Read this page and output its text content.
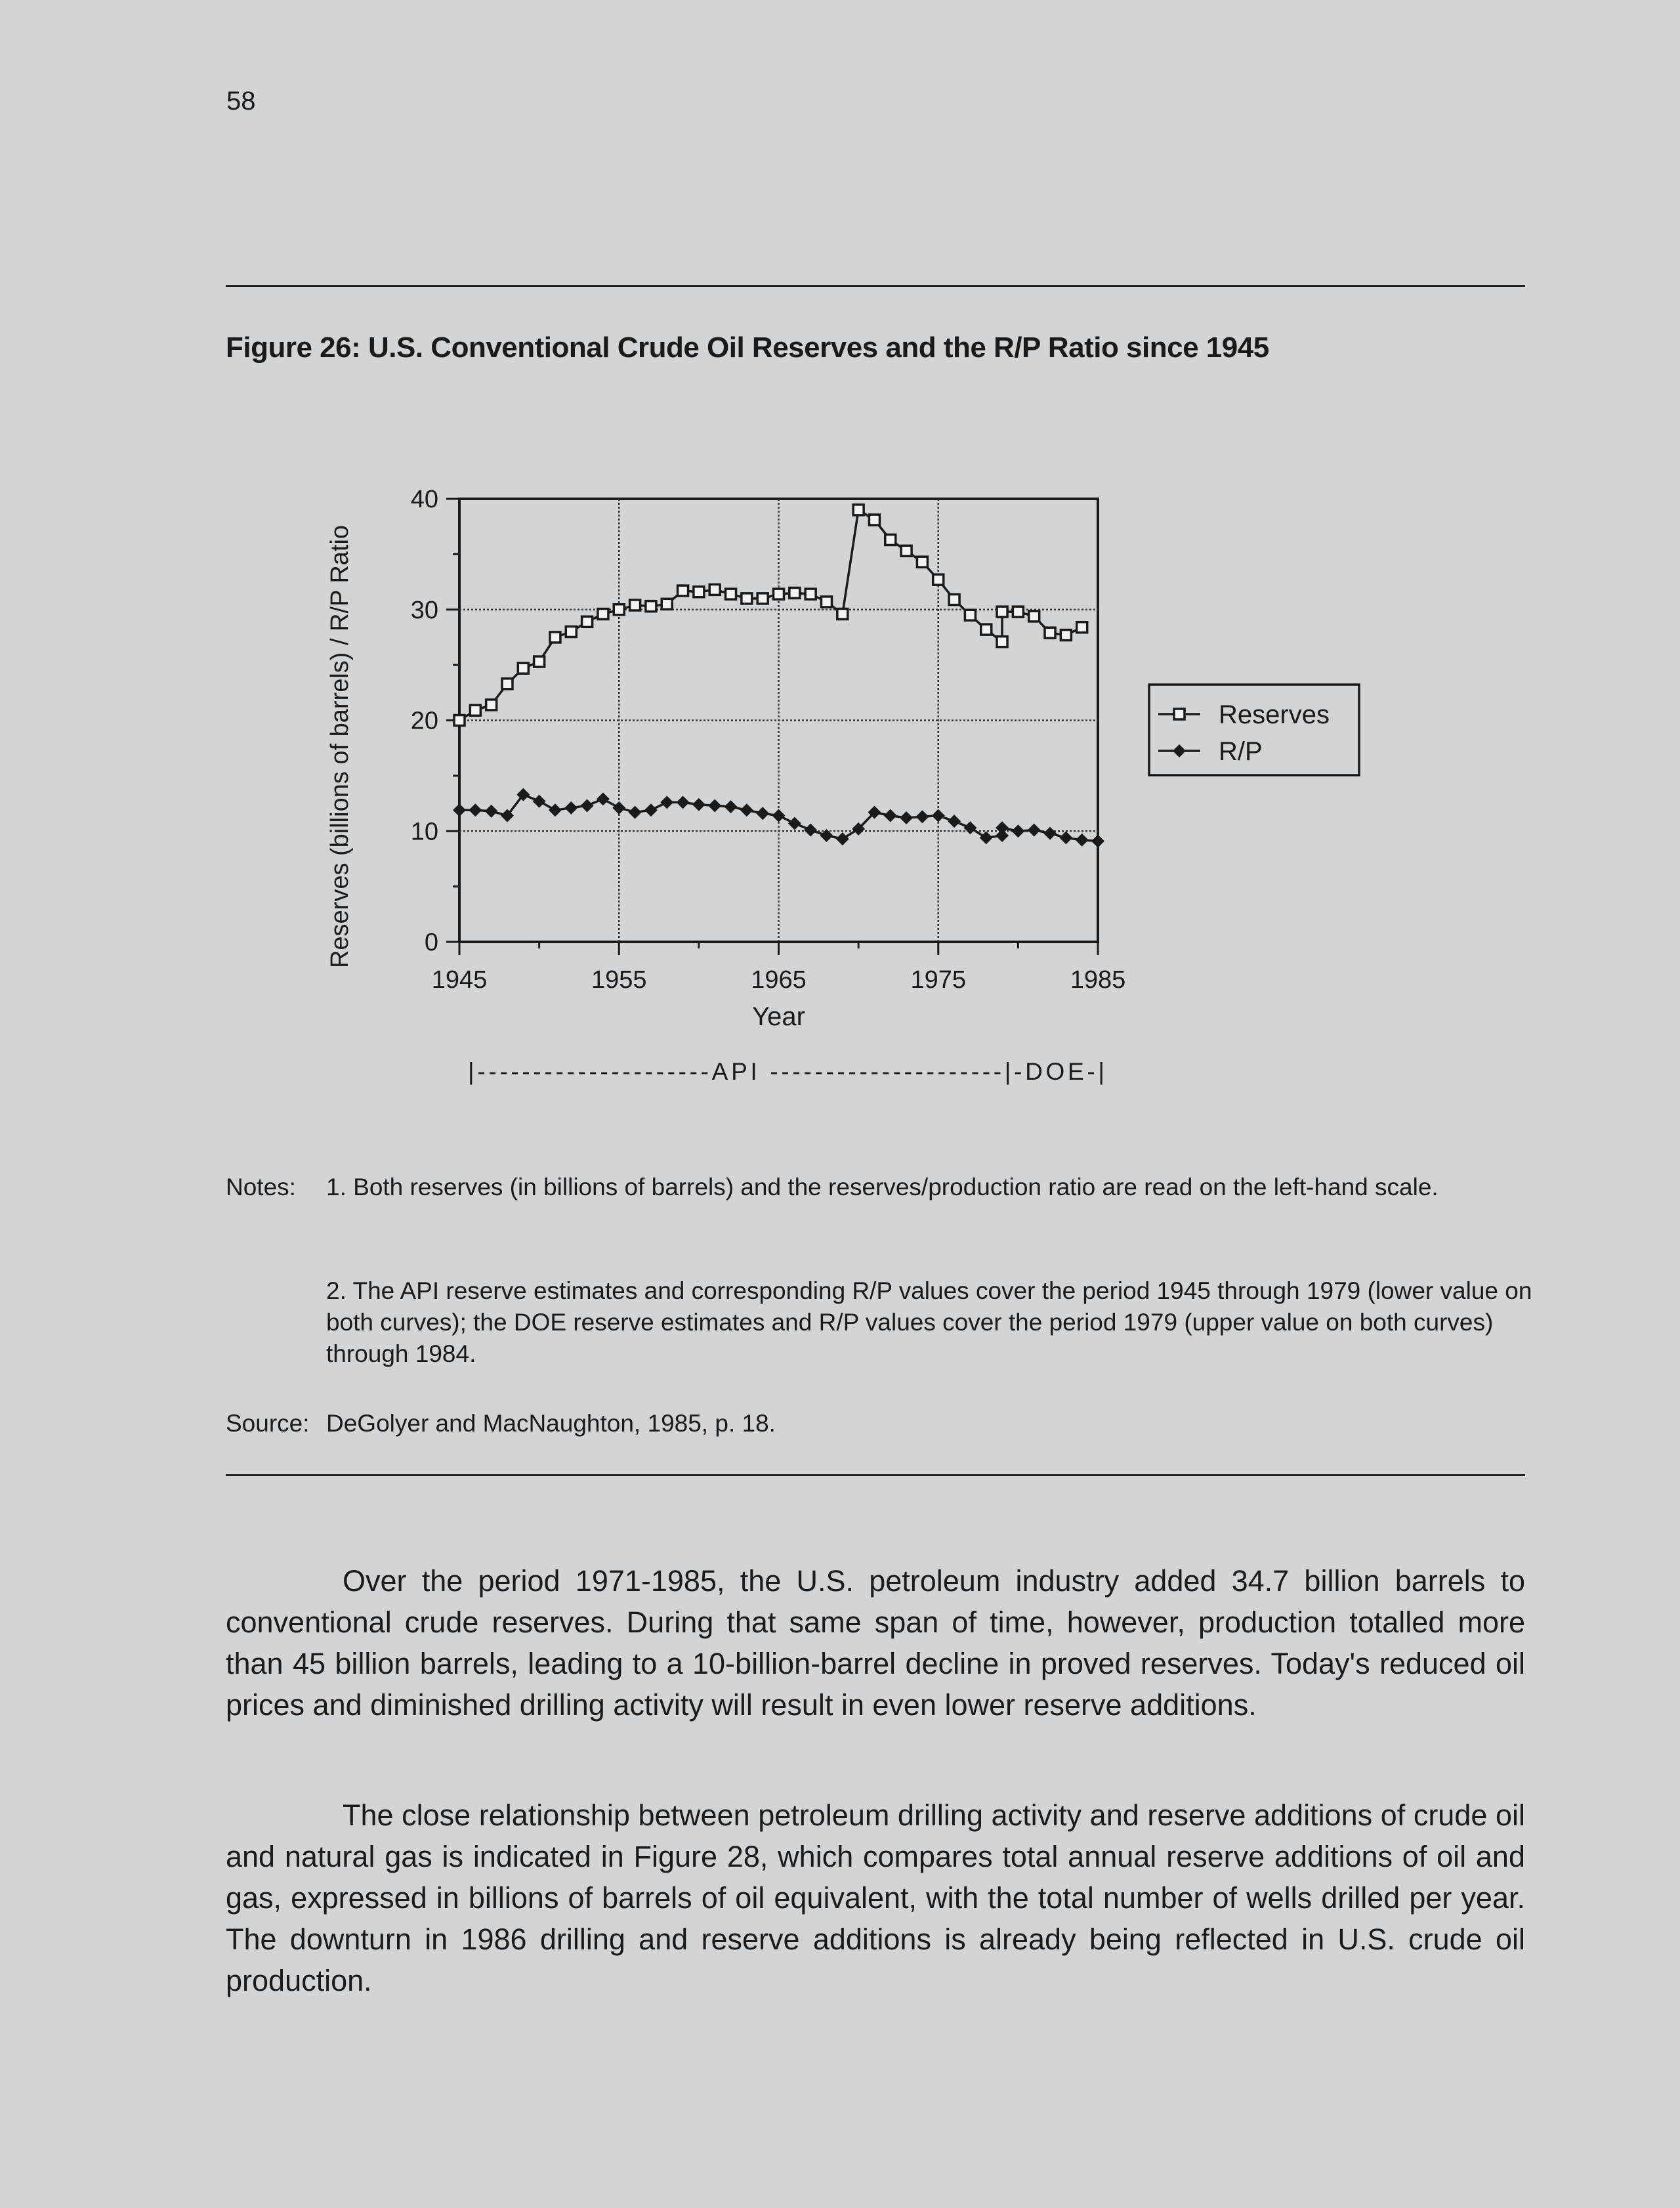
58
Figure 26: U.S. Conventional Crude Oil Reserves and the R/P Ratio since 1945
0
10
20
30
40
1945	1955	1965	1975	1985
Year
Reserves (billions of barrels) / R/P Ratio
|---------------------API ---------------------|-DOE-|
Reserves
R/P
Notes: 1. Both reserves (in billions of barrels) and the reserves/production ratio are read on the left-hand scale.
2. The API reserve estimates and corresponding R/P values cover the period 1945 through 1979 (lower value on both curves); the DOE reserve estimates and R/P values cover the period 1979 (upper value on both curves) through 1984.
Source: DeGolyer and MacNaughton, 1985, p. 18.

Over the period 1971-1985, the U.S. petroleum industry added 34.7 billion barrels to conventional crude reserves. During that same span of time, however, production totalled more than 45 billion barrels, leading to a 10-billion-barrel decline in proved reserves. Today's reduced oil prices and diminished drilling activity will result in even lower reserve additions.

The close relationship between petroleum drilling activity and reserve additions of crude oil and natural gas is indicated in Figure 28, which compares total annual reserve additions of oil and gas, expressed in billions of barrels of oil equivalent, with the total number of wells drilled per year. The downturn in 1986 drilling and reserve additions is already being reflected in U.S. crude oil production.
